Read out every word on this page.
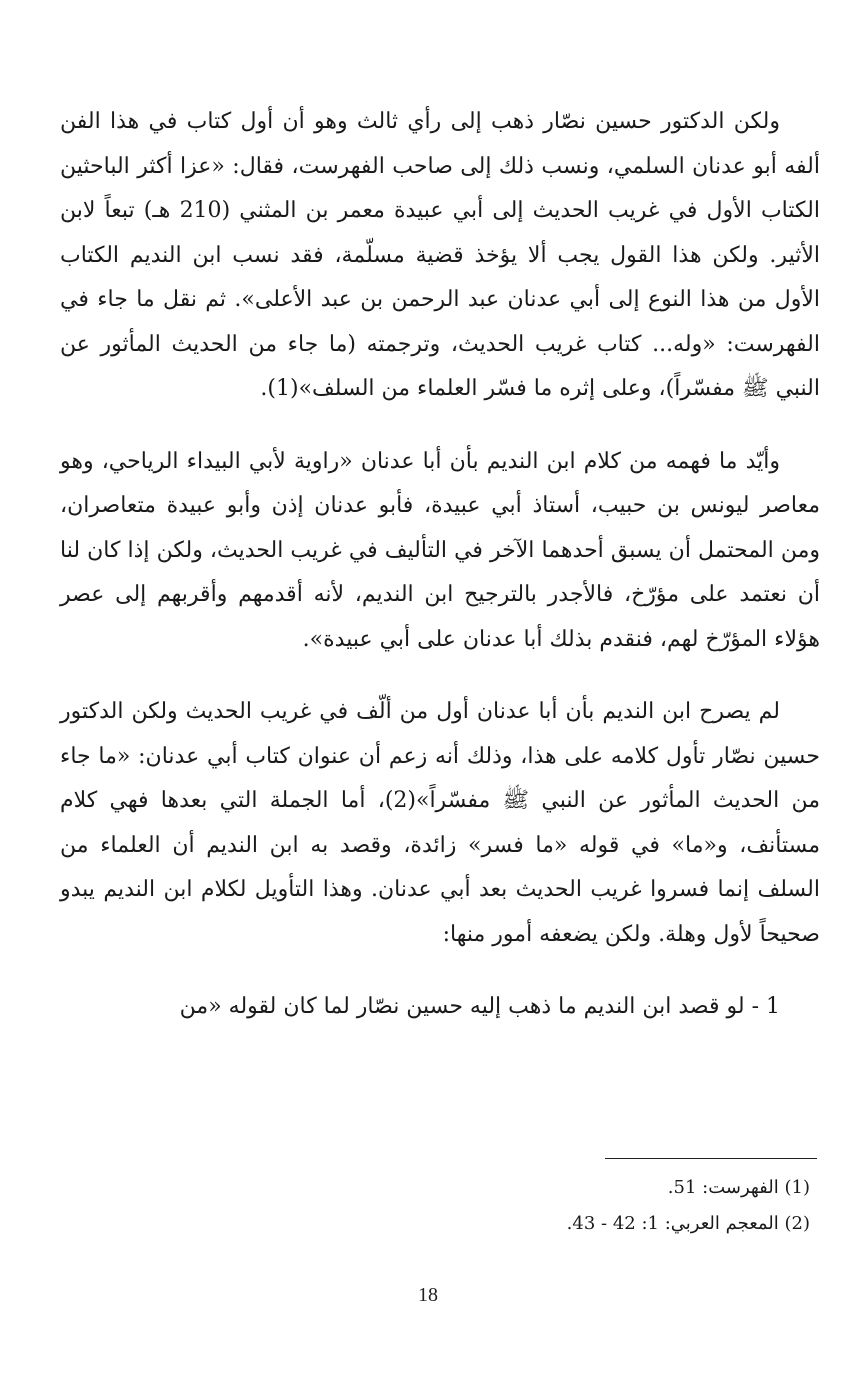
ولكن الدكتور حسين نصّار ذهب إلى رأي ثالث وهو أن أول كتاب في هذا الفن ألفه أبو عدنان السلمي، ونسب ذلك إلى صاحب الفهرست، فقال: «عزا أكثر الباحثين الكتاب الأول في غريب الحديث إلى أبي عبيدة معمر بن المثني (210 هـ) تبعاً لابن الأثير. ولكن هذا القول يجب ألا يؤخذ قضية مسلّمة، فقد نسب ابن النديم الكتاب الأول من هذا النوع إلى أبي عدنان عبد الرحمن بن عبد الأعلى». ثم نقل ما جاء في الفهرست: «وله... كتاب غريب الحديث، وترجمته (ما جاء من الحديث المأثور عن النبي ﷺ مفسّراً)، وعلى إثره ما فسّر العلماء من السلف»(1).

وأيّد ما فهمه من كلام ابن النديم بأن أبا عدنان «راوية لأبي البيداء الرياحي، وهو معاصر ليونس بن حبيب، أستاذ أبي عبيدة، فأبو عدنان إذن وأبو عبيدة متعاصران، ومن المحتمل أن يسبق أحدهما الآخر في التأليف في غريب الحديث، ولكن إذا كان لنا أن نعتمد على مؤرّخ، فالأجدر بالترجيح ابن النديم، لأنه أقدمهم وأقربهم إلى عصر هؤلاء المؤرّخ لهم، فنقدم بذلك أبا عدنان على أبي عبيدة».

لم يصرح ابن النديم بأن أبا عدنان أول من ألّف في غريب الحديث ولكن الدكتور حسين نصّار تأول كلامه على هذا، وذلك أنه زعم أن عنوان كتاب أبي عدنان: «ما جاء من الحديث المأثور عن النبي ﷺ مفسّراً»(2)، أما الجملة التي بعدها فهي كلام مستأنف، و«ما» في قوله «ما فسر» زائدة، وقصد به ابن النديم أن العلماء من السلف إنما فسروا غريب الحديث بعد أبي عدنان. وهذا التأويل لكلام ابن النديم يبدو صحيحاً لأول وهلة. ولكن يضعفه أمور منها:

1 - لو قصد ابن النديم ما ذهب إليه حسين نصّار لما كان لقوله «من

(1) الفهرست: 51.
(2) المعجم العربي: 1: 42 - 43.
18
